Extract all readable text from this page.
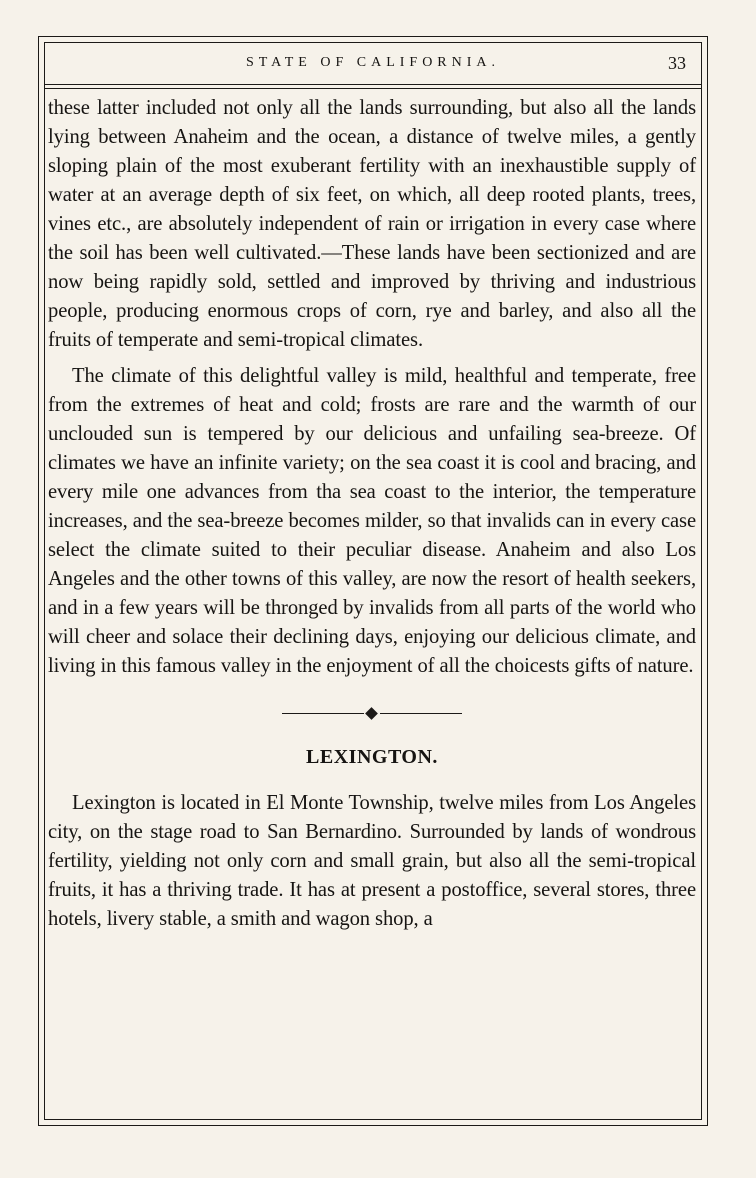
STATE OF CALIFORNIA.	33

these latter included not only all the lands surrounding, but also all the lands lying between Anaheim and the ocean, a distance of twelve miles, a gently sloping plain of the most exuberant fertility with an inexhaustible supply of water at an average depth of six feet, on which, all deep rooted plants, trees, vines etc., are absolutely independent of rain or irrigation in every case where the soil has been well cultivated.—These lands have been sectionized and are now being rapidly sold, settled and improved by thriving and industrious people, producing enormous crops of corn, rye and barley, and also all the fruits of temperate and semi-tropical climates.

The climate of this delightful valley is mild, healthful and temperate, free from the extremes of heat and cold; frosts are rare and the warmth of our unclouded sun is tempered by our delicious and unfailing sea-breeze. Of climates we have an infinite variety; on the sea coast it is cool and bracing, and every mile one advances from tha sea coast to the interior, the temperature increases, and the sea-breeze becomes milder, so that invalids can in every case select the climate suited to their peculiar disease. Anaheim and also Los Angeles and the other towns of this valley, are now the resort of health seekers, and in a few years will be thronged by invalids from all parts of the world who will cheer and solace their declining days, enjoying our delicious climate, and living in this famous valley in the enjoyment of all the choicests gifts of nature.

LEXINGTON.

Lexington is located in El Monte Township, twelve miles from Los Angeles city, on the stage road to San Bernardino. Surrounded by lands of wondrous fertility, yielding not only corn and small grain, but also all the semi-tropical fruits, it has a thriving trade. It has at present a postoffice, several stores, three hotels, livery stable, a smith and wagon shop, a
